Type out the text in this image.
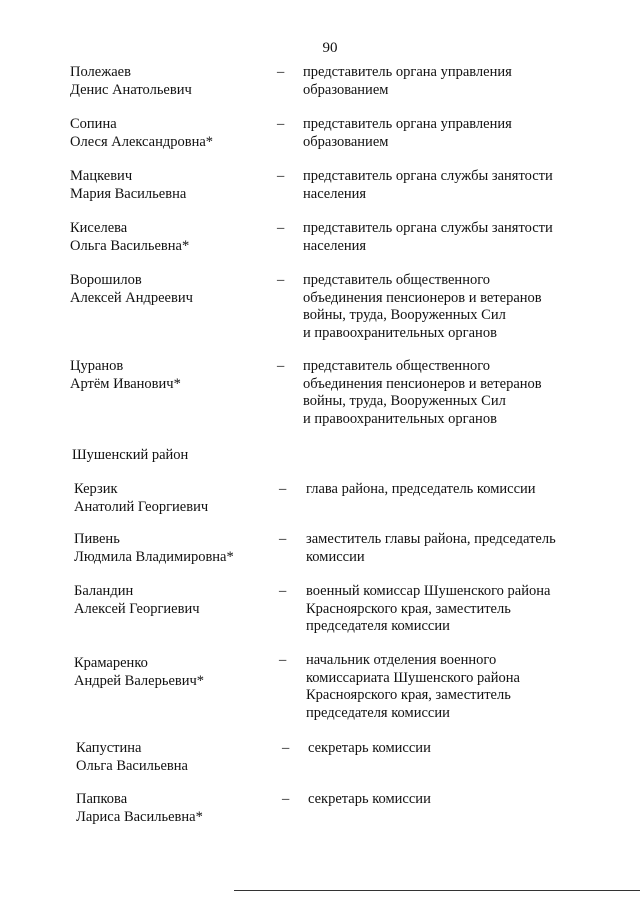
90
Полежаев
Денис Анатольевич
– представитель органа управления
образованием
Сопина
Олеся Александровна*
– представитель органа управления
образованием
Мацкевич
Мария Васильевна
– представитель органа службы занятости
населения
Киселева
Ольга Васильевна*
– представитель органа службы занятости
населения
Ворошилов
Алексей Андреевич
– представитель общественного
объединения пенсионеров и ветеранов
войны, труда, Вооруженных Сил
и правоохранительных органов
Цуранов
Артём Иванович*
– представитель общественного
объединения пенсионеров и ветеранов
войны, труда, Вооруженных Сил
и правоохранительных органов
Шушенский район
Керзик
Анатолий Георгиевич
– глава района, председатель комиссии
Пивень
Людмила Владимировна*
– заместитель главы района, председатель
комиссии
Баландин
Алексей Георгиевич
– военный комиссар Шушенского района
Красноярского края, заместитель
председателя комиссии
Крамаренко
Андрей Валерьевич*
– начальник отделения военного
комиссариата Шушенского района
Красноярского края, заместитель
председателя комиссии
Капустина
Ольга Васильевна
– секретарь комиссии
Папкова
Лариса Васильевна*
– секретарь комиссии
